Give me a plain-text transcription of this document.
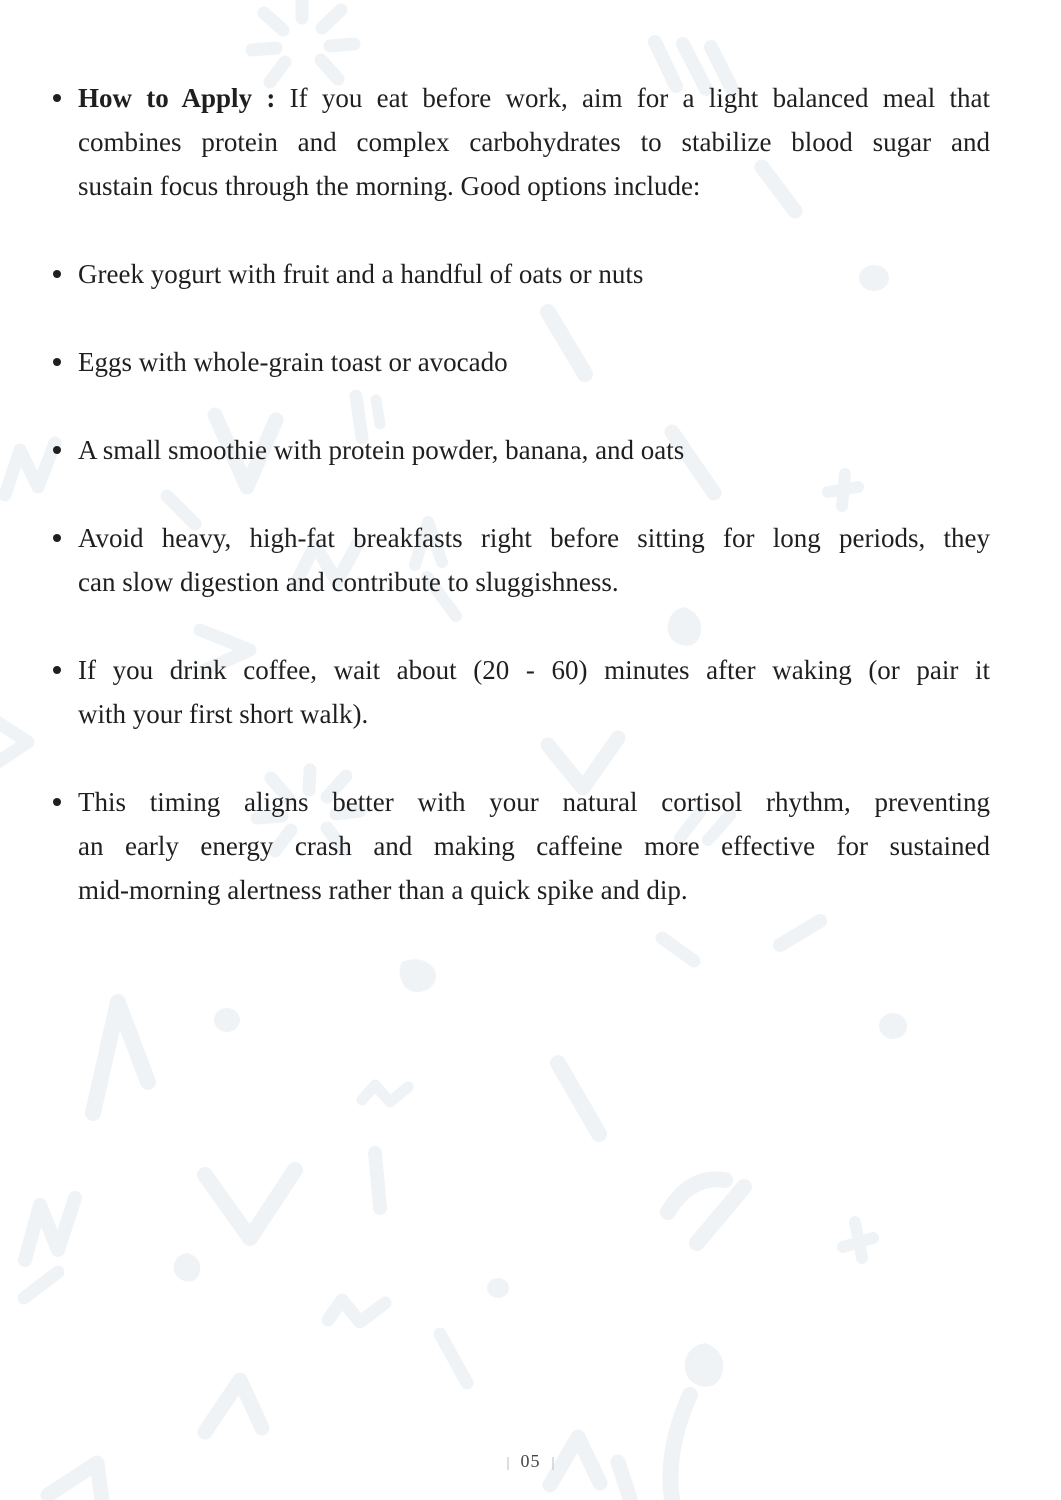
How to Apply : If you eat before work, aim for a light balanced meal that
combines protein and complex carbohydrates to stabilize blood sugar and
sustain focus through the morning. Good options include:
Greek yogurt with fruit and a handful of oats or nuts
Eggs with whole-grain toast or avocado
A small smoothie with protein powder, banana, and oats
Avoid heavy, high-fat breakfasts right before sitting for long periods, they
can slow digestion and contribute to sluggishness.
If you drink coffee, wait about (20 - 60) minutes after waking (or pair it
with your first short walk).
This timing aligns better with your natural cortisol rhythm, preventing
an early energy crash and making caffeine more effective for sustained
mid-morning alertness rather than a quick spike and dip.
| 05 |
